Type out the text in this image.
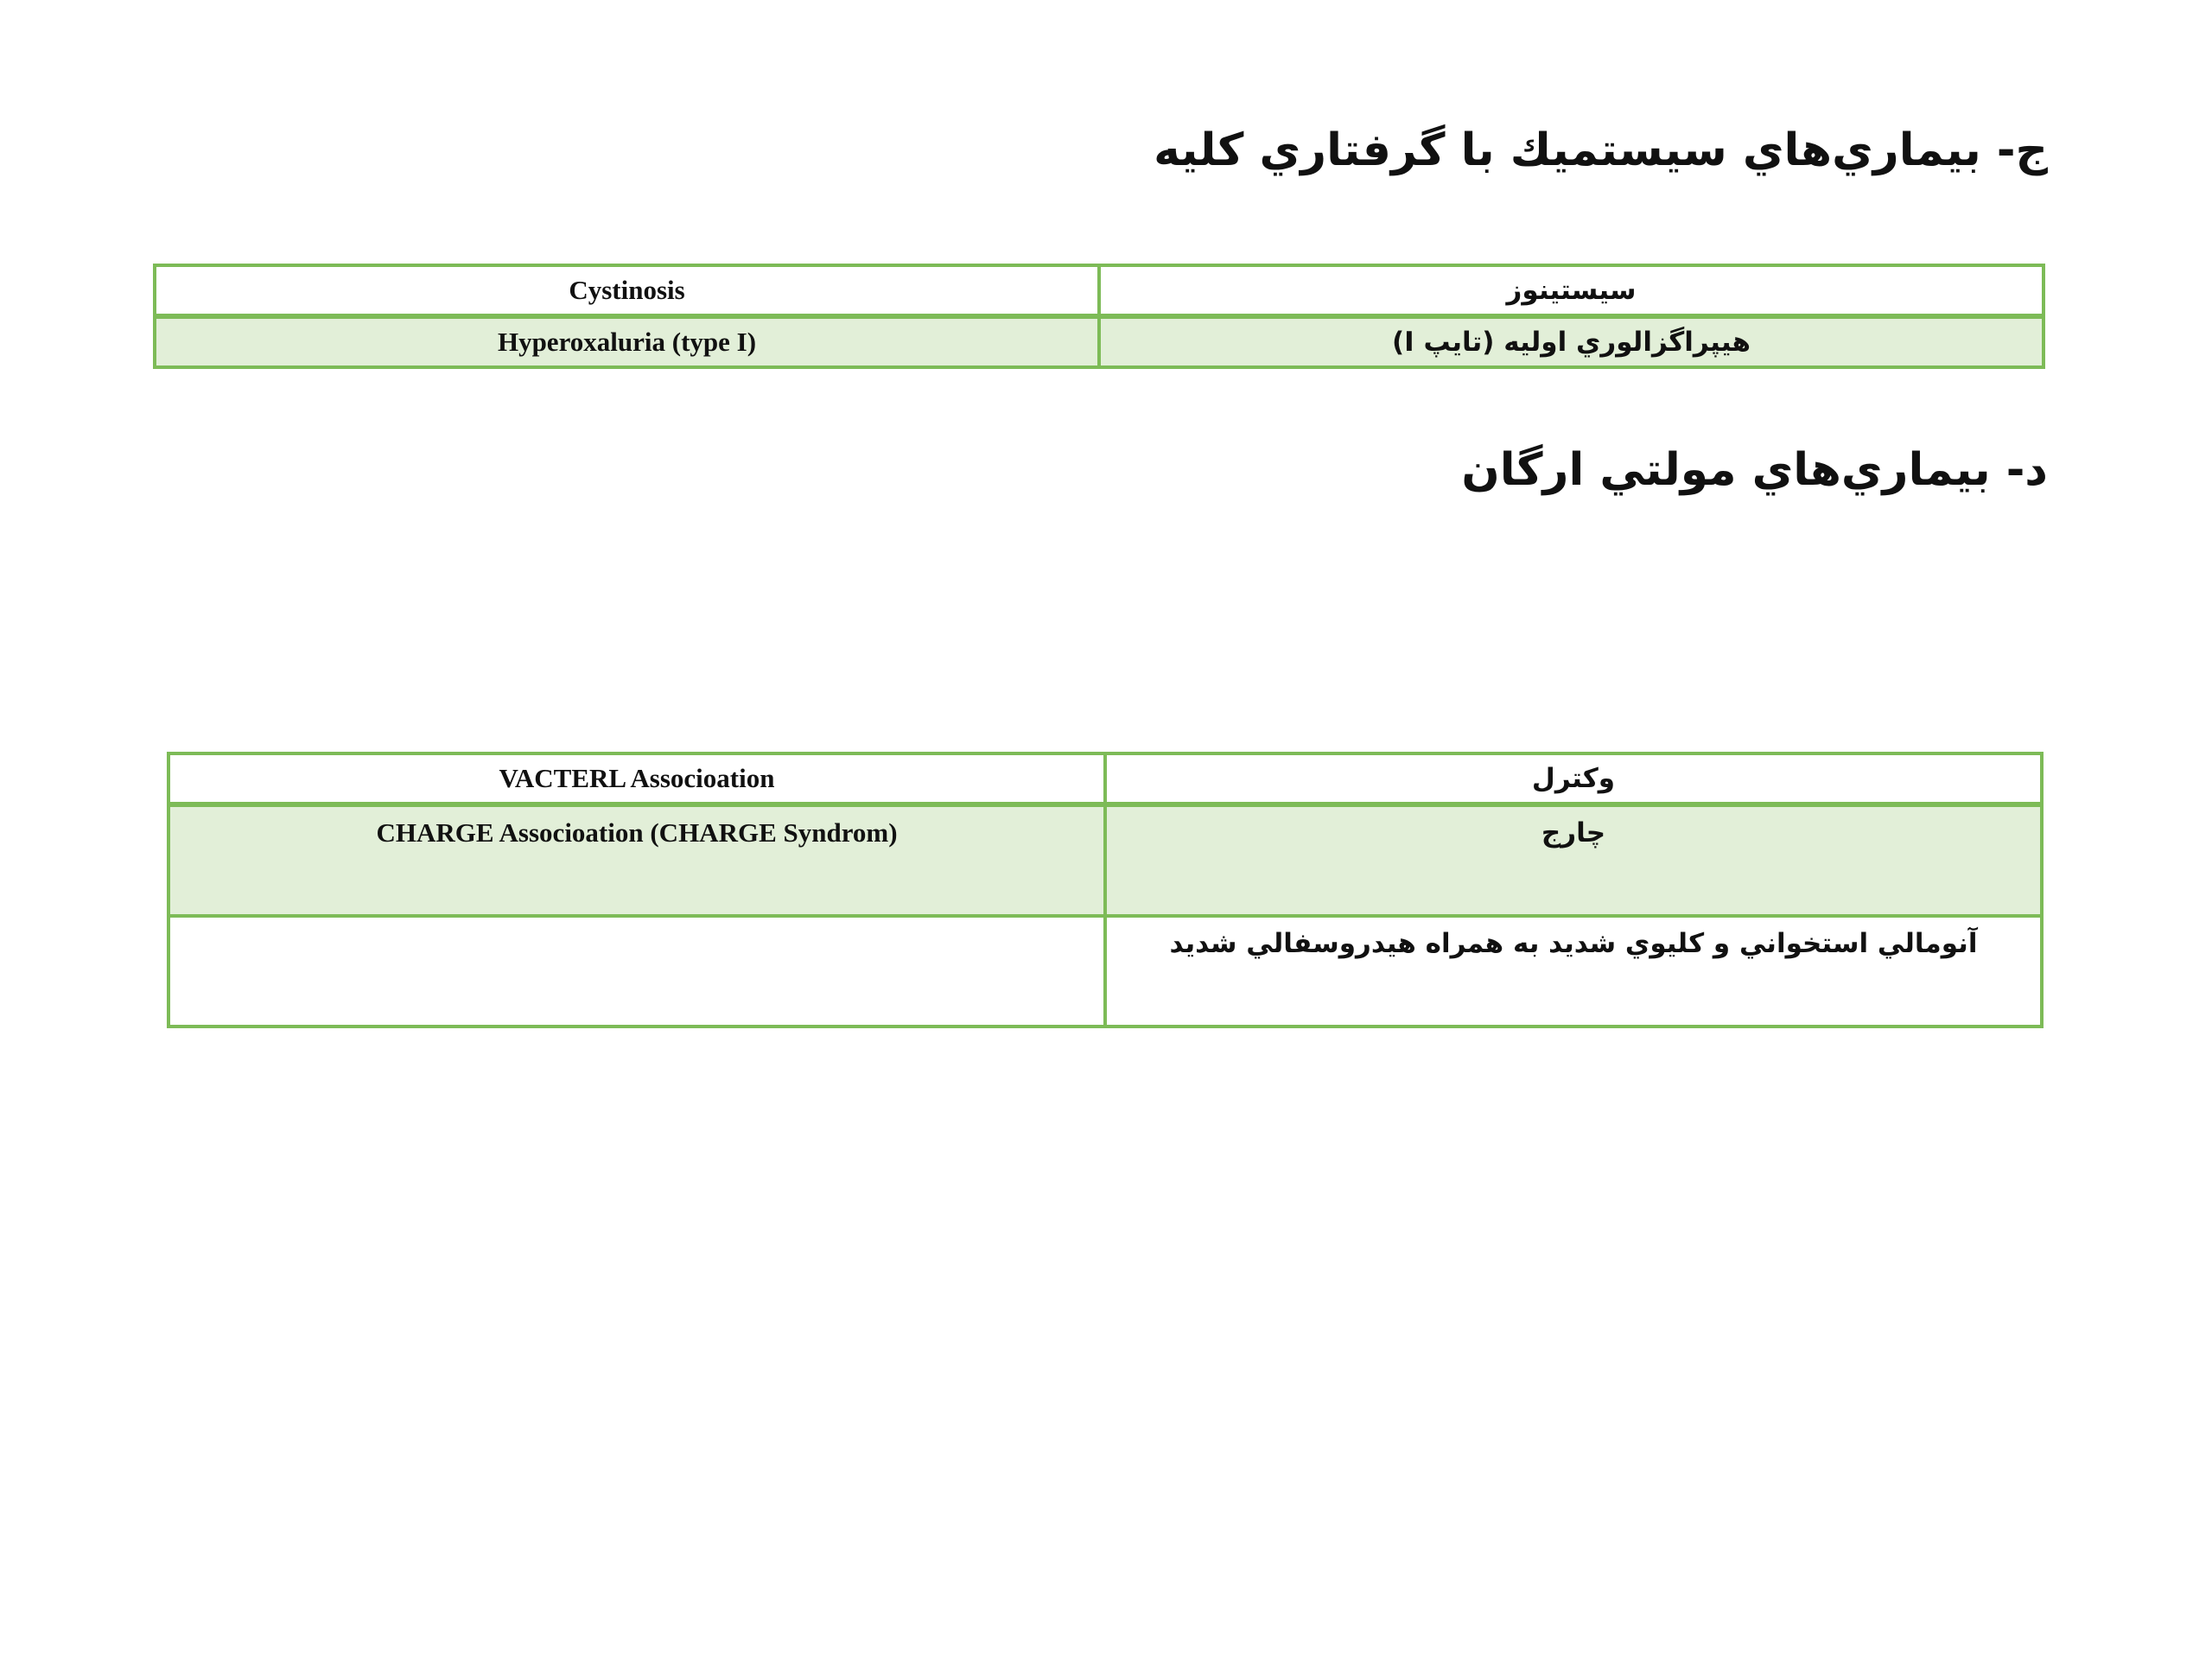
ج- بيماري‌هاي سيستميك با گرفتاري كليه
Cystinosis	سيستينوز
Hyperoxaluria (type I)	هيپراگزالوري اوليه (تايپ I)
د- بيماري‌هاي مولتي ارگان
VACTERL Associoation	وكترل
CHARGE Associoation (CHARGE Syndrom)	چارج
	آنومالي استخواني و كليوي شديد به همراه هيدروسفالي شديد
